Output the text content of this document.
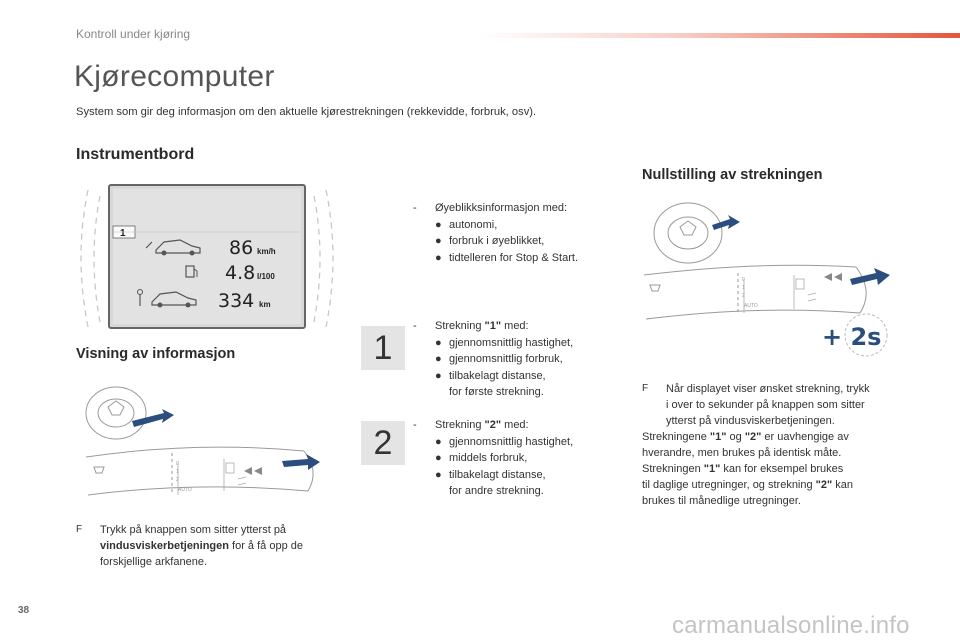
Kontroll under kjøring
Kjørecomputer

System som gir deg informasjon om den aktuelle kjørestrekningen (rekkevidde, forbruk, osv).

Instrumentbord
1
86 km/h
4.8 l/100
334 km
-	Øyeblikksinformasjon med:
● autonomi,
● forbruk i øyeblikket,
● tidtelleren for Stop & Start.
1
-	Strekning "1" med:
● gjennomsnittlig hastighet,
● gjennomsnittlig forbruk,
● tilbakelagt distanse,
for første strekning.
2	-	Strekning "2" med:
● gjennomsnittlig hastighet,
● middels forbruk,
● tilbakelagt distanse,
for andre strekning.
Visning av informasjon
0
1
2
AUTO
F	Trykk på knappen som sitter ytterst på
vindusviskerbetjeningen for å få opp de
forskjellige arkfanene.
Nullstilling av strekningen
0
1
2
AUTO
+ 2s
F	Når displayet viser ønsket strekning, trykk
i over to sekunder på knappen som sitter
ytterst på vindusviskerbetjeningen.
Strekningene "1" og "2" er uavhengige av
hverandre, men brukes på identisk måte.
Strekningen "1" kan for eksempel brukes
til daglige utregninger, og strekning "2" kan
brukes til månedlige utregninger.
38
carmanualsonline.info
